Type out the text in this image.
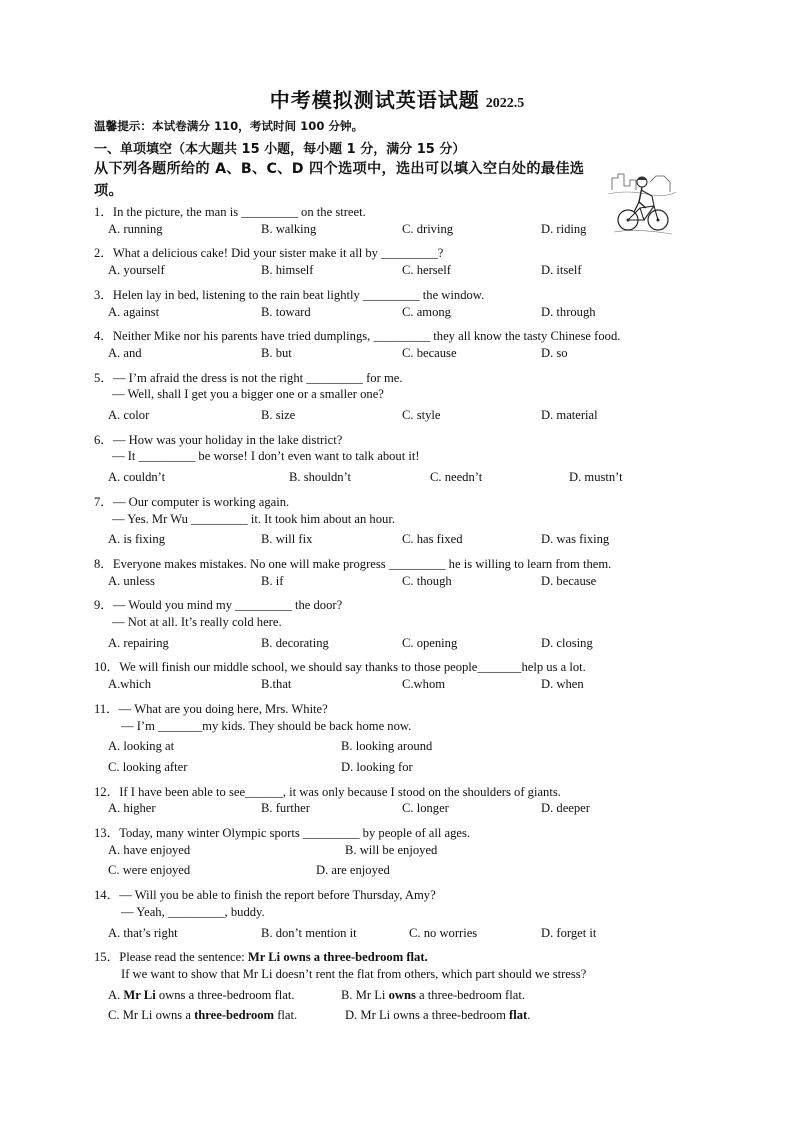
中考模拟测试英语试题 2022.5
温馨提示：本试卷满分 110，考试时间 100 分钟。
一、单项填空（本大题共 15 小题，每小题 1 分，满分 15 分）
从下列各题所给的 A、B、C、D 四个选项中，选出可以填入空白处的最佳选
项。
1．In the picture, the man is _________ on the street.
A. running	B. walking	C. driving	D. riding
2．What a delicious cake! Did your sister make it all by _________?
A. yourself	B. himself	C. herself	D. itself
3．Helen lay in bed, listening to the rain beat lightly _________ the window.
A. against	B. toward	C. among	D. through
4．Neither Mike nor his parents have tried dumplings, _________ they all know the tasty Chinese food.
A. and	B. but	C. because	D. so
5．— I’m afraid the dress is not the right _________ for me.
— Well, shall I get you a bigger one or a smaller one?
A. color	B. size	C. style	D. material
6．— How was your holiday in the lake district?
— It _________ be worse! I don’t even want to talk about it!
A. couldn’t	B. shouldn’t	C. needn’t	D. mustn’t
7．— Our computer is working again.
— Yes. Mr Wu _________ it. It took him about an hour.
A. is fixing	B. will fix	C. has fixed	D. was fixing
8．Everyone makes mistakes. No one will make progress _________ he is willing to learn from them.
A. unless	B. if	C. though	D. because
9．— Would you mind my _________ the door?
— Not at all. It’s really cold here.
A. repairing	B. decorating	C. opening	D. closing
10．We will finish our middle school, we should say thanks to those people_______help us a lot.
A.which	B.that	C.whom	D. when
11．— What are you doing here, Mrs. White?
— I’m _______my kids. They should be back home now.
A. looking at	B. looking around
C. looking after	D. looking for
12．If I have been able to see______, it was only because I stood on the shoulders of giants.
A. higher	B. further	C. longer	D. deeper
13．Today, many winter Olympic sports _________ by people of all ages.
A. have enjoyed	B. will be enjoyed
C. were enjoyed	D. are enjoyed
14．— Will you be able to finish the report before Thursday, Amy?
— Yeah, _________, buddy.
A. that’s right	B. don’t mention it	C. no worries	D. forget it
15．Please read the sentence: Mr Li owns a three-bedroom flat.
If we want to show that Mr Li doesn’t rent the flat from others, which part should we stress?
A. Mr Li owns a three-bedroom flat.	B. Mr Li owns a three-bedroom flat.
C. Mr Li owns a three-bedroom flat.	D. Mr Li owns a three-bedroom flat.
